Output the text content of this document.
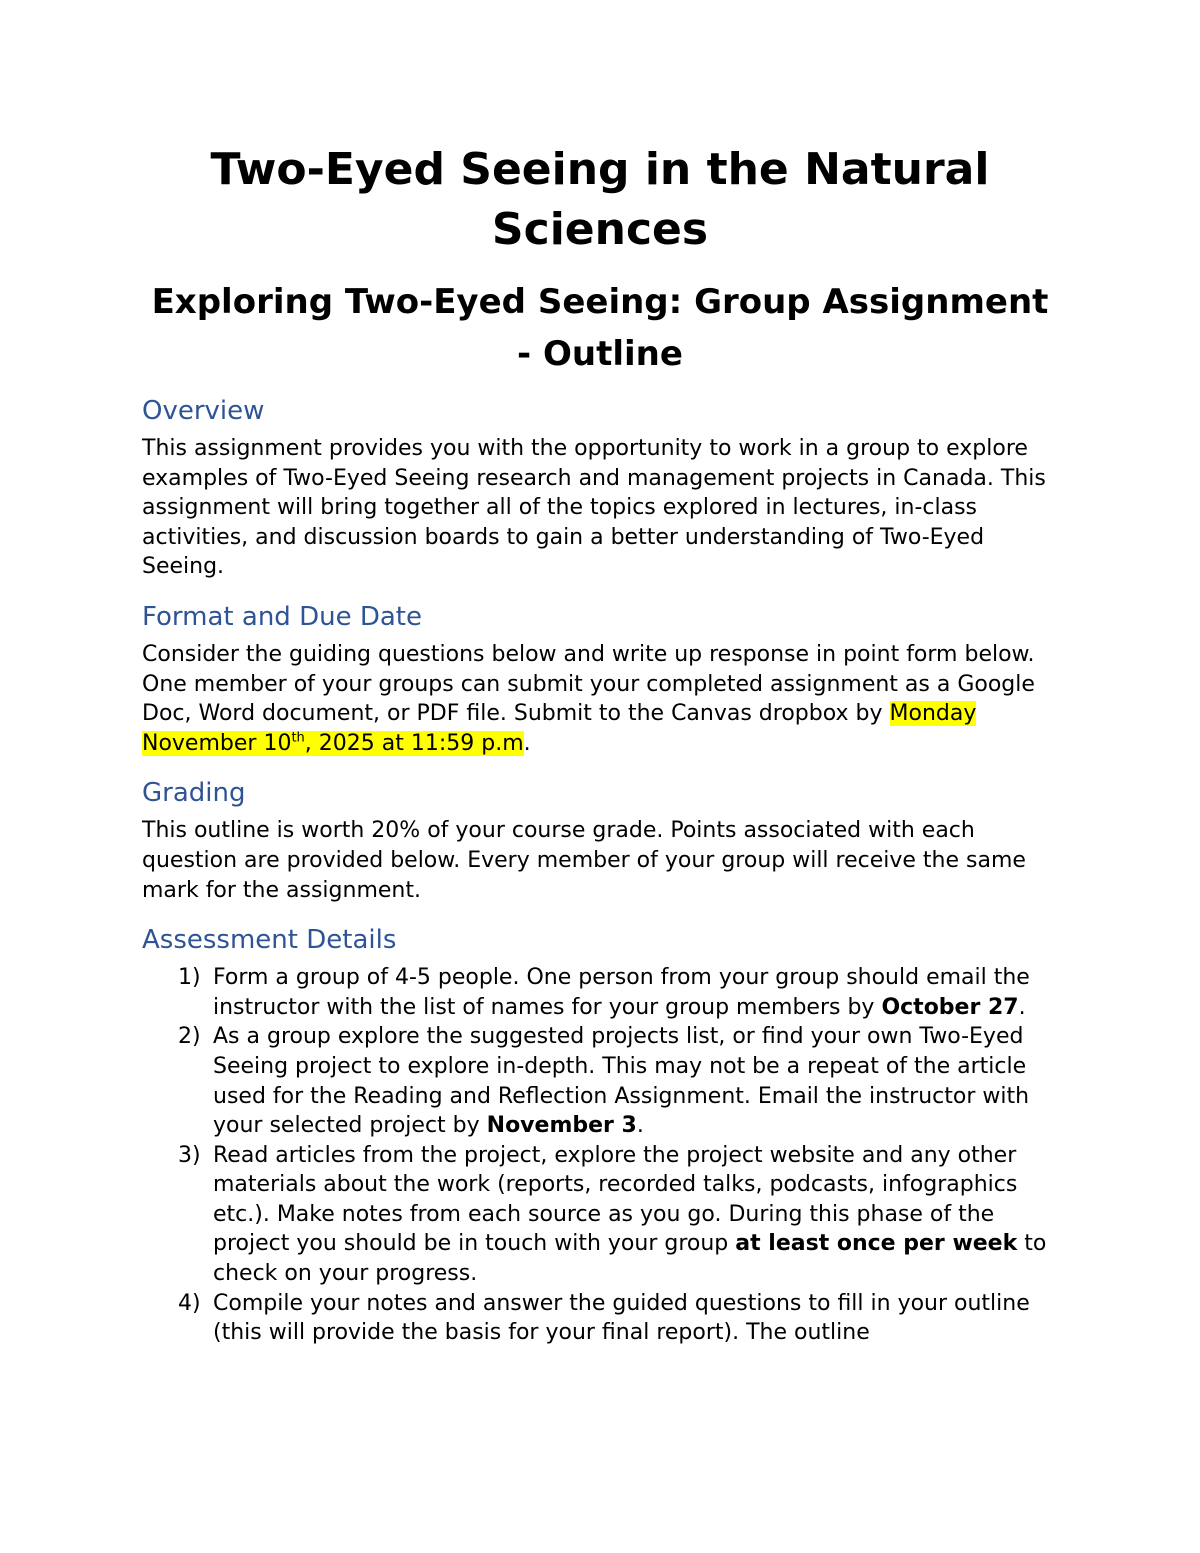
Two-Eyed Seeing in the Natural Sciences
Exploring Two-Eyed Seeing: Group Assignment - Outline
Overview

This assignment provides you with the opportunity to work in a group to explore examples of Two-Eyed Seeing research and management projects in Canada. This assignment will bring together all of the topics explored in lectures, in-class activities, and discussion boards to gain a better understanding of Two-Eyed Seeing.

Format and Due Date

Consider the guiding questions below and write up response in point form below. One member of your groups can submit your completed assignment as a Google Doc, Word document, or PDF file. Submit to the Canvas dropbox by Monday November 10th, 2025 at 11:59 p.m.

Grading

This outline is worth 20% of your course grade. Points associated with each question are provided below. Every member of your group will receive the same mark for the assignment.

Assessment Details
1) Form a group of 4-5 people. One person from your group should email the instructor with the list of names for your group members by October 27.
2) As a group explore the suggested projects list, or find your own Two-Eyed Seeing project to explore in-depth. This may not be a repeat of the article used for the Reading and Reflection Assignment. Email the instructor with your selected project by November 3.
3) Read articles from the project, explore the project website and any other materials about the work (reports, recorded talks, podcasts, infographics etc.). Make notes from each source as you go. During this phase of the project you should be in touch with your group at least once per week to check on your progress.
4) Compile your notes and answer the guided questions to fill in your outline (this will provide the basis for your final report). The outline
